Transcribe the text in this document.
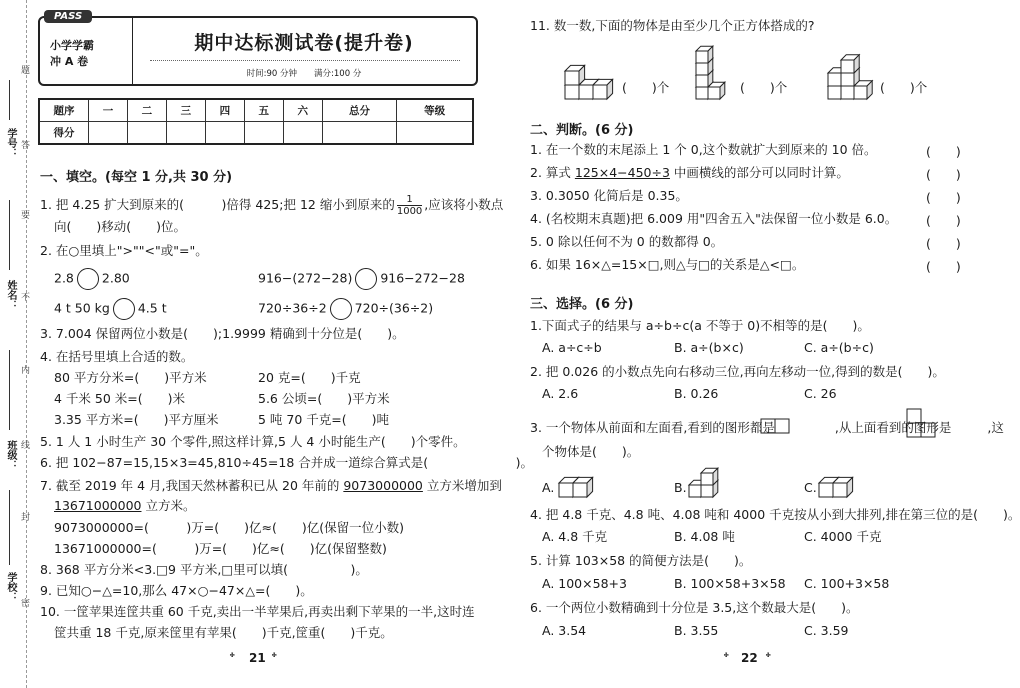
学号：
姓名：
班级：
学校：
题
答
要
不
内
线
封
密
PASS
小学学霸
冲 A 卷
期中达标测试卷(提升卷)
时间:90 分钟　　满分:100 分
题序	一	二	三	四	五	六	总分	等级
得分								
一、填空。(每空 1 分,共 30 分)
1. 把 4.25 扩大到原来的(　　　)倍得 425;把 12 缩小到原来的 $\frac{1}{1000}$ ,应该将小数点
向(　　)移动(　　)位。
2. 在○里填上">""<"或"="。
2.8 2.80	916−(272−28) 916−272−28
4 t 50 kg 4.5 t	720÷36÷2 720÷(36÷2)
3. 7.004 保留两位小数是(　　);1.9999 精确到十分位是(　　)。
4. 在括号里填上合适的数。
80 平方分米=(　　)平方米	20 克=(　　)千克
4 千米 50 米=(　　)米	5.6 公顷=(　　)平方米
3.35 平方米=(　　)平方厘米	5 吨 70 千克=(　　)吨
5. 1 人 1 小时生产 30 个零件,照这样计算,5 人 4 小时能生产(　　)个零件。
6. 把 102−87=15,15×3=45,810÷45=18 合并成一道综合算式是(　　　　　　　)。
7. 截至 2019 年 4 月,我国天然林蓄积已从 20 年前的 9073000000 立方米增加到
13671000000 立方米。
9073000000=(　　　)万=(　　)亿≈(　　)亿(保留一位小数)
13671000000=(　　　)万=(　　)亿≈(　　)亿(保留整数)
8. 368 平方分米<3.□9 平方米,□里可以填(　　　　　)。
9. 已知○−△=10,那么 47×○−47×△=(　　)。
10. 一筐苹果连筐共重 60 千克,卖出一半苹果后,再卖出剩下苹果的一半,这时连
筐共重 18 千克,原来筐里有苹果(　　)千克,筐重(　　)千克。
᛭ 21 ᛭
11. 数一数,下面的物体是由至少几个正方体搭成的?
(　　)个	(　　)个	(　　)个
二、判断。(6 分)
1. 在一个数的末尾添上 1 个 0,这个数就扩大到原来的 10 倍。
2. 算式 125×4−450÷3 中画横线的部分可以同时计算。
3. 0.3050 化简后是 0.35。
4. (名校期末真题)把 6.009 用"四舍五入"法保留一位小数是 6.0。
5. 0 除以任何不为 0 的数都得 0。
6. 如果 16×△=15×□,则△与□的关系是△<□。
(　　)
(　　)
(　　)
(　　)
(　　)
(　　)
三、选择。(6 分)
1.下面式子的结果与 a÷b÷c(a 不等于 0)不相等的是(　　)。
A. a÷c÷b	B. a÷(b×c)	C. a÷(b÷c)
2. 把 0.026 的小数点先向右移动三位,再向左移动一位,得到的数是(　　)。
A. 2.6	B. 0.26	C. 26
3. 一个物体从前面和左面看,看到的图形都是	,从上面看到的图形是	,这
个物体是(　　)。
A.	B.	C.
4. 把 4.8 千克、4.8 吨、4.08 吨和 4000 千克按从小到大排列,排在第三位的是(　　)。
A. 4.8 千克	B. 4.08 吨	C. 4000 千克
5. 计算 103×58 的简便方法是(　　)。
A. 100×58+3	B. 100×58+3×58 C. 100+3×58
6. 一个两位小数精确到十分位是 3.5,这个数最大是(　　)。
A. 3.54	B. 3.55	C. 3.59
᛭ 22 ᛭
